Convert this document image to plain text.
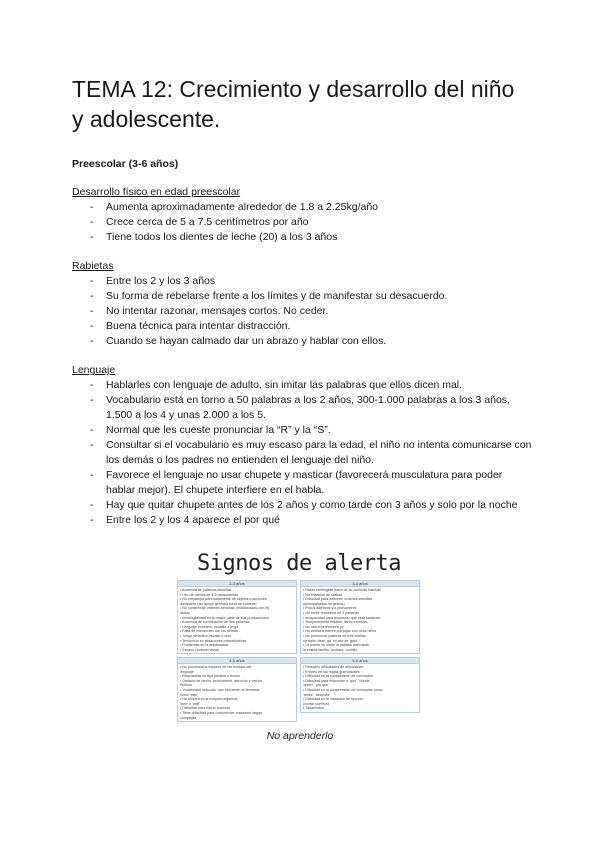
TEMA 12: Crecimiento y desarrollo del niño y adolescente.
Preescolar (3-6 años)
Desarrollo físico en edad preescolar
- Aumenta aproximadamente alrededor de 1.8 a 2.25kg/año
- Crece cerca de 5 a 7.5 centímetros por año
- Tiene todos los dientes de leche (20) a los 3 años
Rabietas
- Entre los 2 y los 3 años
- Su forma de rebelarse frente a los límites y de manifestar su desacuerdo.
- No intentar razonar, mensajes cortos. No ceder.
- Buena técnica para intentar distracción.
- Cuando se hayan calmado dar un abrazo y hablar con ellos.
Lenguaje
- Hablarles con lenguaje de adulto, sin imitar las palabras que ellos dicen mal.
- Vocabulario está en torno a 50 palabras a los 2 años, 300-1.000 palabras a los 3 años, 1.500 a los 4 y unas 2.000 a los 5.
- Normal que les cueste pronunciar la “R” y la “S”.
- Consultar si el vocabulario es muy escaso para la edad, el niño no intenta comunicarse con los demás o los padres no entienden el lenguaje del niño.
- Favorece el lenguaje no usar chupete y masticar (favorecerá musculatura para poder hablar mejor). El chupete interfiere en el habla.
- Hay que quitar chupete antes de los 2 años y como tarde con 3 años y solo por la noche
- Entre los 2 y los 4 aparece el por qué
Signos de alerta
2-3 años
• Ausencia de palabras sencillas
• Uso de menos de 4-5 consonantes
• No emparejar adecuadamente de objetos o acciones
iluminante (sin apoyo gestual) fuera de contexto
• No comprende órdenes sencillas (relacionadas con él)
actual
• Ininteligibilidad en la mayor parte de sus producciones
• Ausencia de combinación de dos palabras
• Lenguaje excesivo, ecolalia o jerga
• Falta de interacción con los demás
• Juego simbólico escaso o nulo
• Tendencia en situaciones comunicativas
• Problemas en la masticación
• Escaso contacto visual
3-4 años
• Habla ininteligible fuera de su contexto habitual
• No imitación de silabas
• Dificultad para entender órdenes sencillas
(acompañadas de gestos)
• Pocos adjetivos y/o pronombres
• No emite oraciones de 3 palabras
• Incapacidad para responder qué está haciendo
• Temperamento irritable, llanto excesivo
• No usa el pronombre yo
• No muestra interés por jugar con otros niños
• No pronuncia palabras de tres sílabas
ejemplo: decir 'ga' en vez de 'gato'
• La suerte en omitir la palabra adecuada
la misma familia 'cuchara, cuchillo'
4-5 años
• No pronuncia la mayoría de los sonidos del
lenguaje
• Respuestas de tipo palabra o trozos
• Omisión de nexos, pronombres, artículos y verbos
flexivos
• Vocabulario reducido, uso frecuente de términos
como 'esto'
• No emplea en la mayoría adjetivos
'bien' o 'mal'
• Dificultad para narrar sucesos
• Tiene dificultad para comprender oraciones largas
complejas
5-6 años
• Persisten dificultades de articulación
• Errores en las reglas gramaticales
• Dificultad en la comprensión de conceptos
• Dificultad para responder a 'qué', 'dónde',
'quién', 'por qué'
• Dificultad en la comprensión de conceptos como
'antes', 'después'
• Dificultad en la narración de hechos
(contar cuentos)
• Tartamudeo
No aprenderlo
